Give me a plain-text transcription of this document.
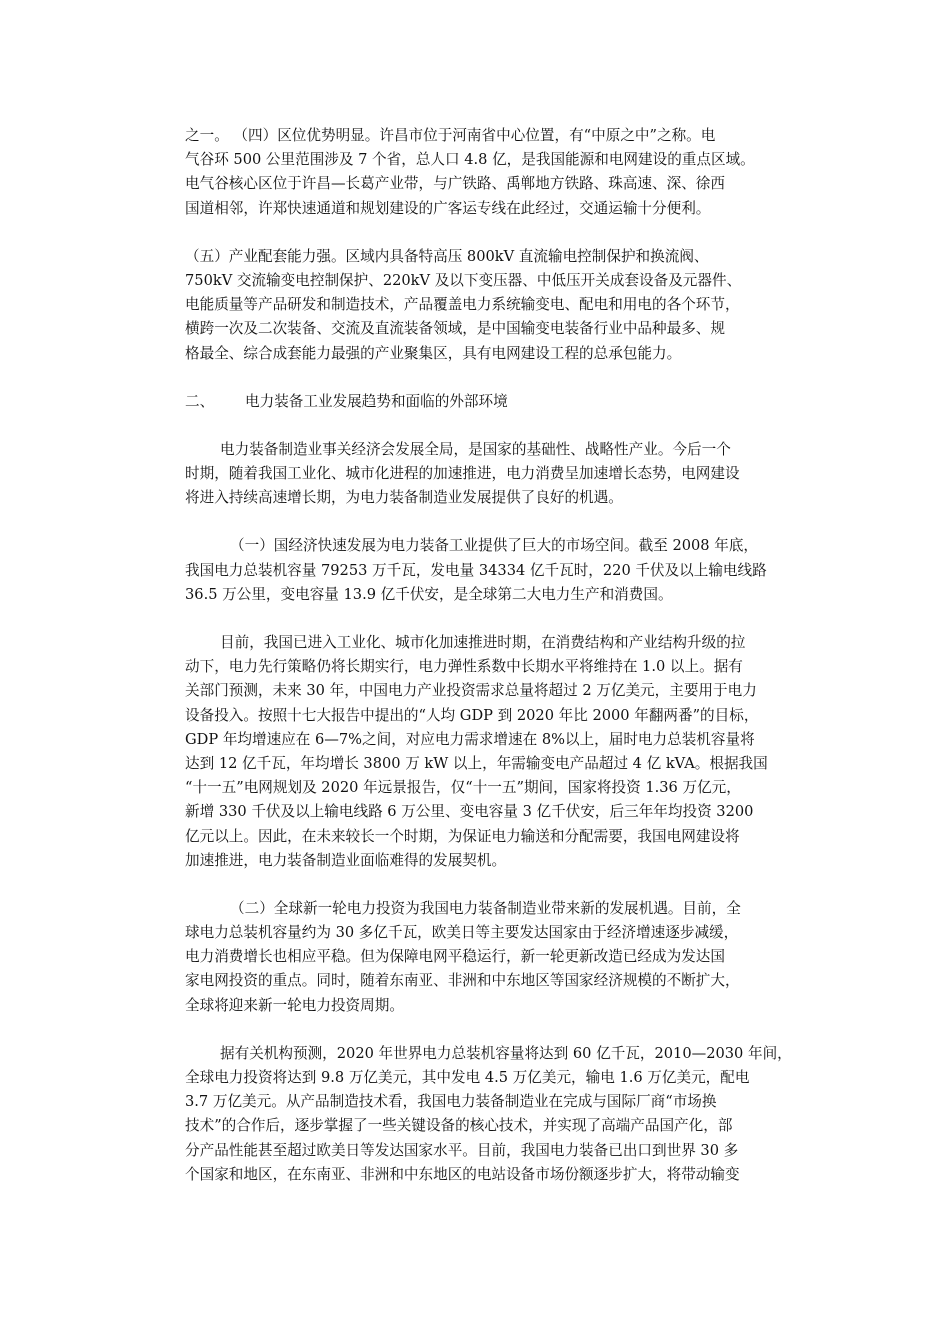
之一。 （四）区位优势明显。许昌市位于河南省中心位置，有“中原之中”之称。电
气谷环 500 公里范围涉及 7 个省，总人口 4.8 亿，是我国能源和电网建设的重点区域。
电气谷核心区位于许昌—长葛产业带，与广铁路、禹郸地方铁路、珠高速、深、徐西
国道相邻，许郑快速通道和规划建设的广客运专线在此经过，交通运输十分便利。
（五）产业配套能力强。区域内具备特高压 800kV 直流输电控制保护和换流阀、
750kV 交流输变电控制保护、220kV 及以下变压器、中低压开关成套设备及元器件、
电能质量等产品研发和制造技术，产品覆盖电力系统输变电、配电和用电的各个环节，
横跨一次及二次装备、交流及直流装备领域，是中国输变电装备行业中品种最多、规
格最全、综合成套能力最强的产业聚集区，具有电网建设工程的总承包能力。
二、 电力装备工业发展趋势和面临的外部环境
电力装备制造业事关经济会发展全局，是国家的基础性、战略性产业。今后一个
时期，随着我国工业化、城市化进程的加速推进，电力消费呈加速增长态势，电网建设
将进入持续高速增长期，为电力装备制造业发展提供了良好的机遇。
（一）国经济快速发展为电力装备工业提供了巨大的市场空间。截至 2008 年底，
我国电力总装机容量 79253 万千瓦，发电量 34334 亿千瓦时，220 千伏及以上输电线路
36.5 万公里，变电容量 13.9 亿千伏安，是全球第二大电力生产和消费国。
目前，我国已进入工业化、城市化加速推进时期，在消费结构和产业结构升级的拉
动下，电力先行策略仍将长期实行，电力弹性系数中长期水平将维持在 1.0 以上。据有
关部门预测，未来 30 年，中国电力产业投资需求总量将超过 2 万亿美元，主要用于电力
设备投入。按照十七大报告中提出的“人均 GDP 到 2020 年比 2000 年翻两番”的目标，
GDP 年均增速应在 6—7%之间，对应电力需求增速在 8%以上，届时电力总装机容量将
达到 12 亿千瓦，年均增长 3800 万 kW 以上，年需输变电产品超过 4 亿 kVA。根据我国
“十一五”电网规划及 2020 年远景报告，仅“十一五”期间，国家将投资 1.36 万亿元，
新增 330 千伏及以上输电线路 6 万公里、变电容量 3 亿千伏安，后三年年均投资 3200
亿元以上。因此，在未来较长一个时期，为保证电力输送和分配需要，我国电网建设将
加速推进，电力装备制造业面临难得的发展契机。
（二）全球新一轮电力投资为我国电力装备制造业带来新的发展机遇。目前，全
球电力总装机容量约为 30 多亿千瓦，欧美日等主要发达国家由于经济增速逐步减缓，
电力消费增长也相应平稳。但为保障电网平稳运行，新一轮更新改造已经成为发达国
家电网投资的重点。同时，随着东南亚、非洲和中东地区等国家经济规模的不断扩大，
全球将迎来新一轮电力投资周期。
据有关机构预测，2020 年世界电力总装机容量将达到 60 亿千瓦，2010—2030 年间，
全球电力投资将达到 9.8 万亿美元，其中发电 4.5 万亿美元，输电 1.6 万亿美元，配电
3.7 万亿美元。从产品制造技术看，我国电力装备制造业在完成与国际厂商“市场换
技术”的合作后，逐步掌握了一些关键设备的核心技术，并实现了高端产品国产化，部
分产品性能甚至超过欧美日等发达国家水平。目前，我国电力装备已出口到世界 30 多
个国家和地区，在东南亚、非洲和中东地区的电站设备市场份额逐步扩大，将带动输变
